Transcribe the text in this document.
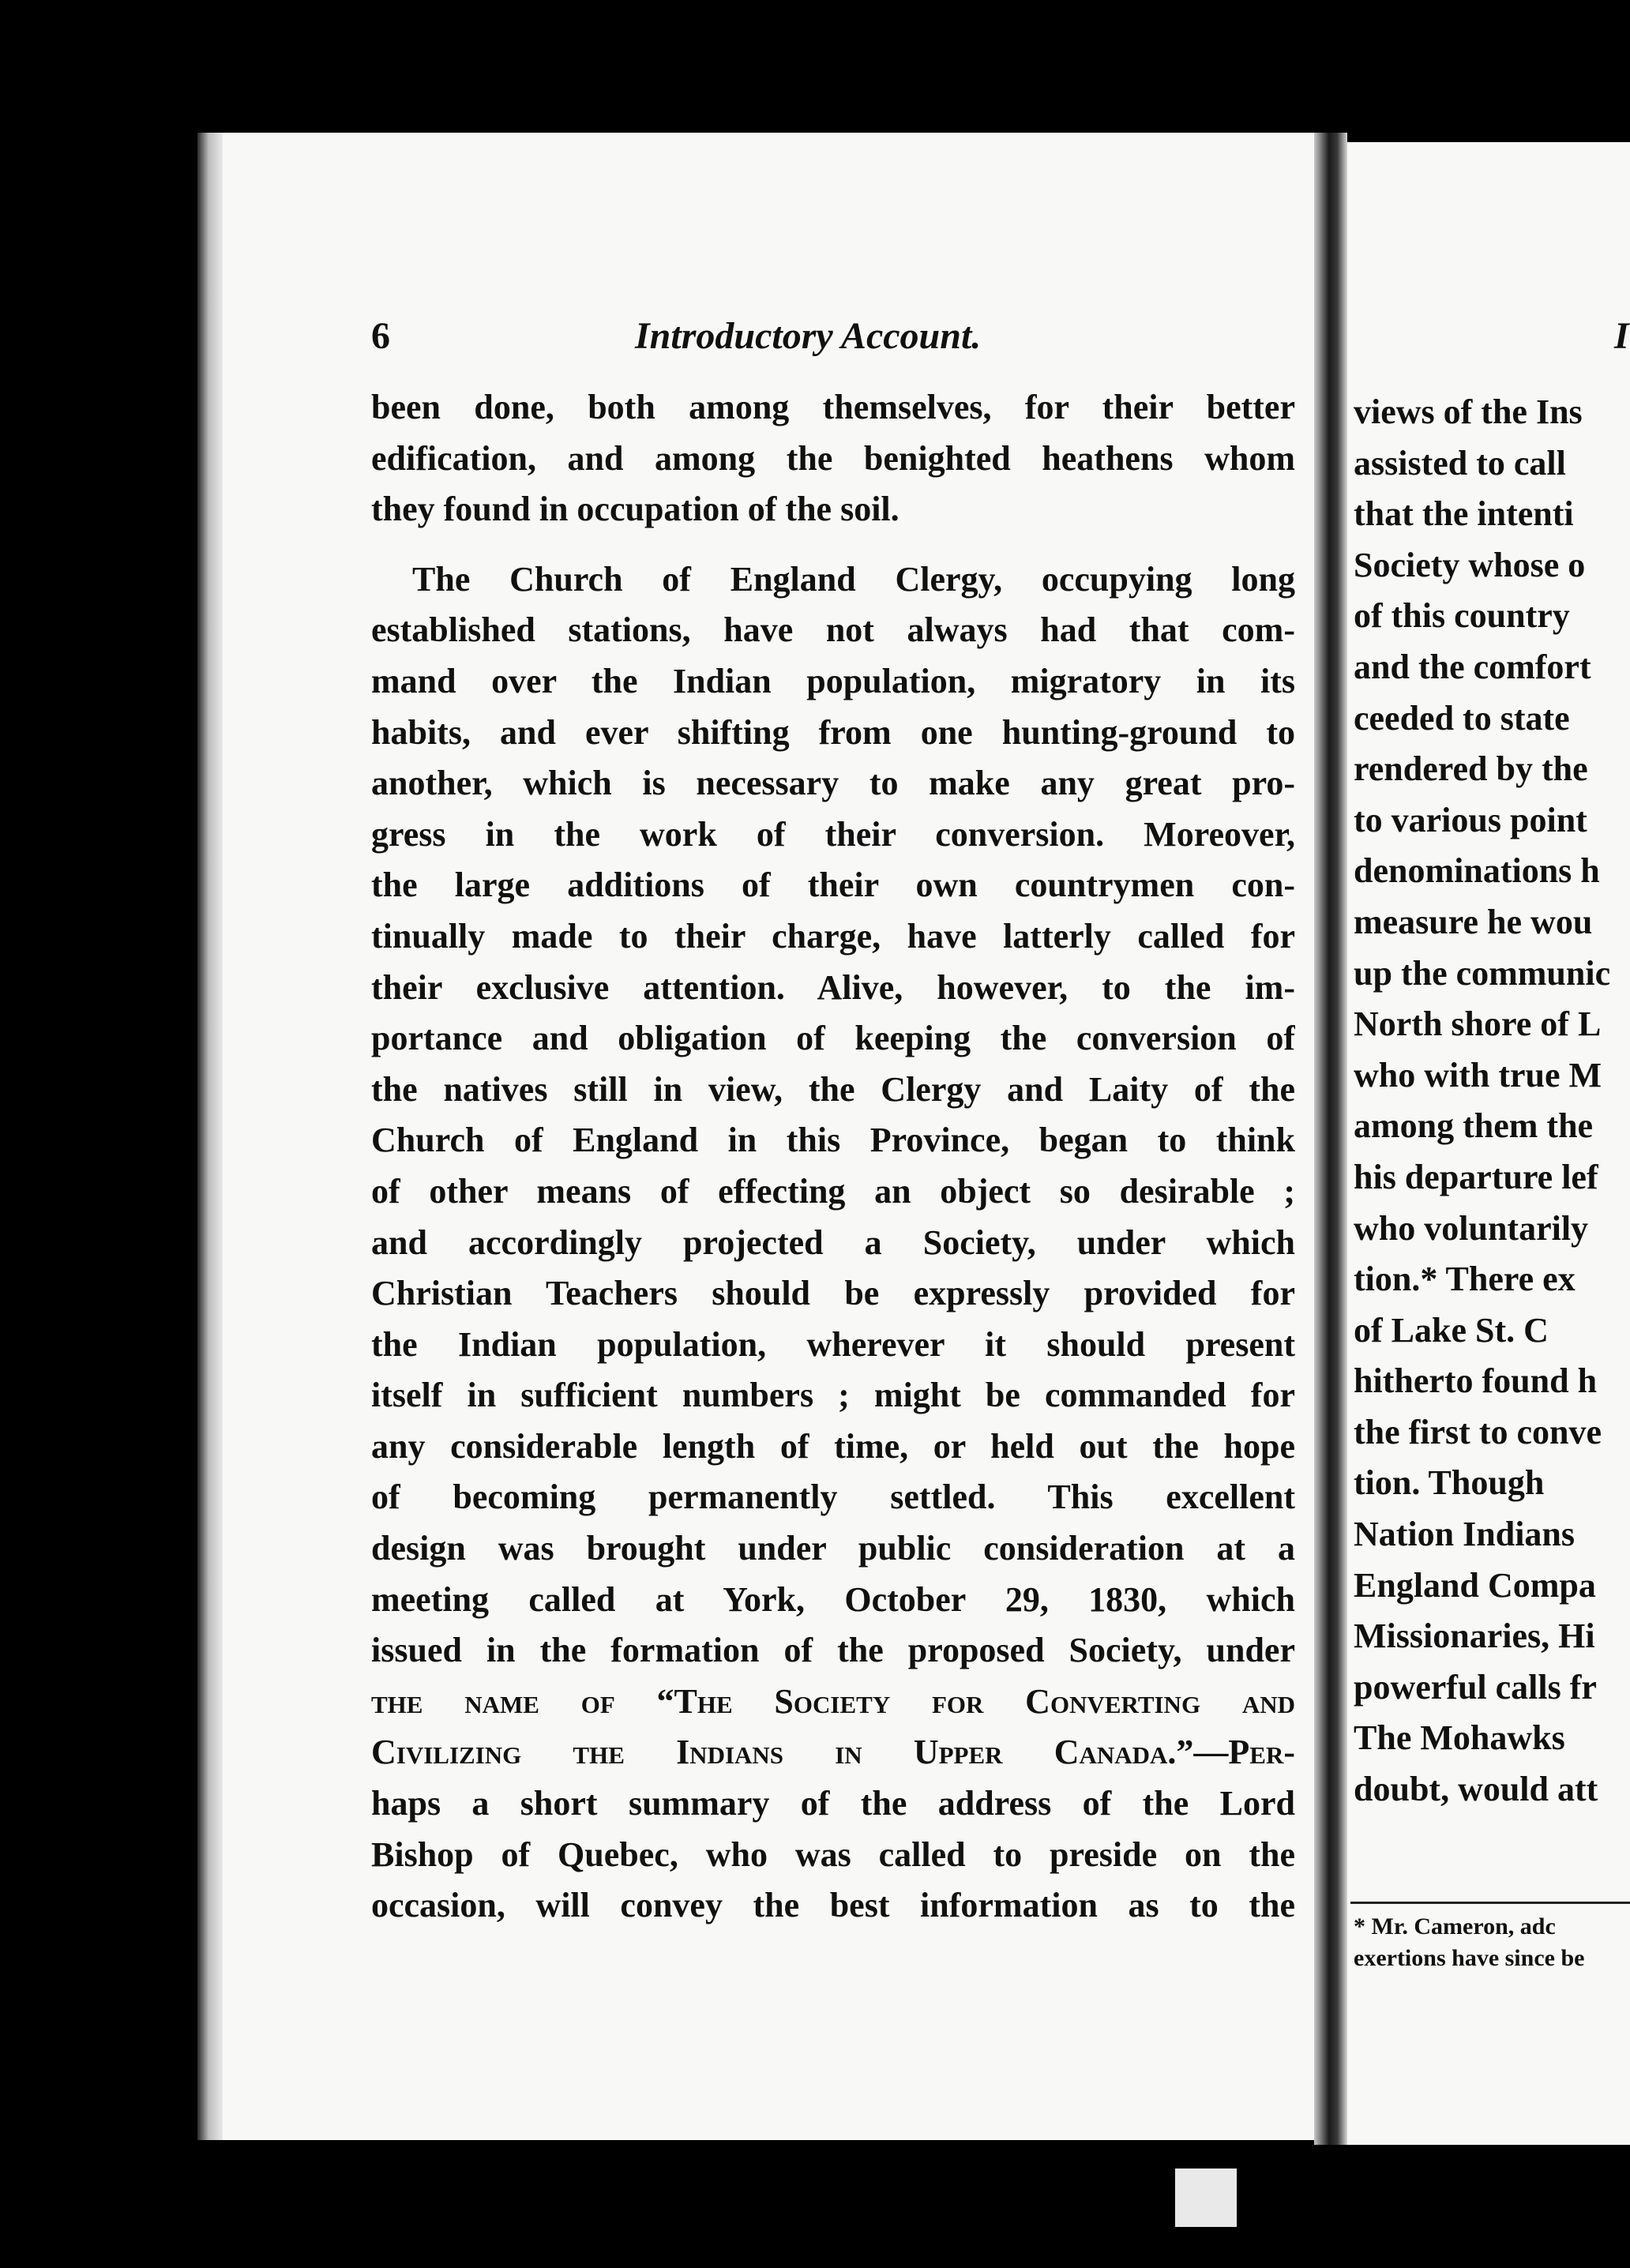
6	Introductory Account.
been done, both among themselves, for their better
edification, and among the benighted heathens whom
they found in occupation of the soil.
The Church of England Clergy, occupying long
established stations, have not always had that com-
mand over the Indian population, migratory in its
habits, and ever shifting from one hunting-ground to
another, which is necessary to make any great pro-
gress in the work of their conversion. Moreover,
the large additions of their own countrymen con-
tinually made to their charge, have latterly called for
their exclusive attention. Alive, however, to the im-
portance and obligation of keeping the conversion of
the natives still in view, the Clergy and Laity of the
Church of England in this Province, began to think
of other means of effecting an object so desirable ;
and accordingly projected a Society, under which
Christian Teachers should be expressly provided for
the Indian population, wherever it should present
itself in sufficient numbers ; might be commanded for
any considerable length of time, or held out the hope
of becoming permanently settled. This excellent
design was brought under public consideration at a
meeting called at York, October 29, 1830, which
issued in the formation of the proposed Society, under
the name of “The Society for Converting and
Civilizing the Indians in Upper Canada.”—Per-
haps a short summary of the address of the Lord
Bishop of Quebec, who was called to preside on the
occasion, will convey the best information as to the
I
views of the Ins
assisted to call
that the intenti
Society whose o
of this country
and the comfort
ceeded to state
rendered by the
to various point
denominations h
measure he wou
up the communic
North shore of L
who with true M
among them the
his departure lef
who voluntarily
tion.* There ex
of Lake St. C
hitherto found h
the first to conve
tion. Though
Nation Indians
England Compa
Missionaries, Hi
powerful calls fr
The Mohawks
doubt, would att
* Mr. Cameron, adc
exertions have since be
